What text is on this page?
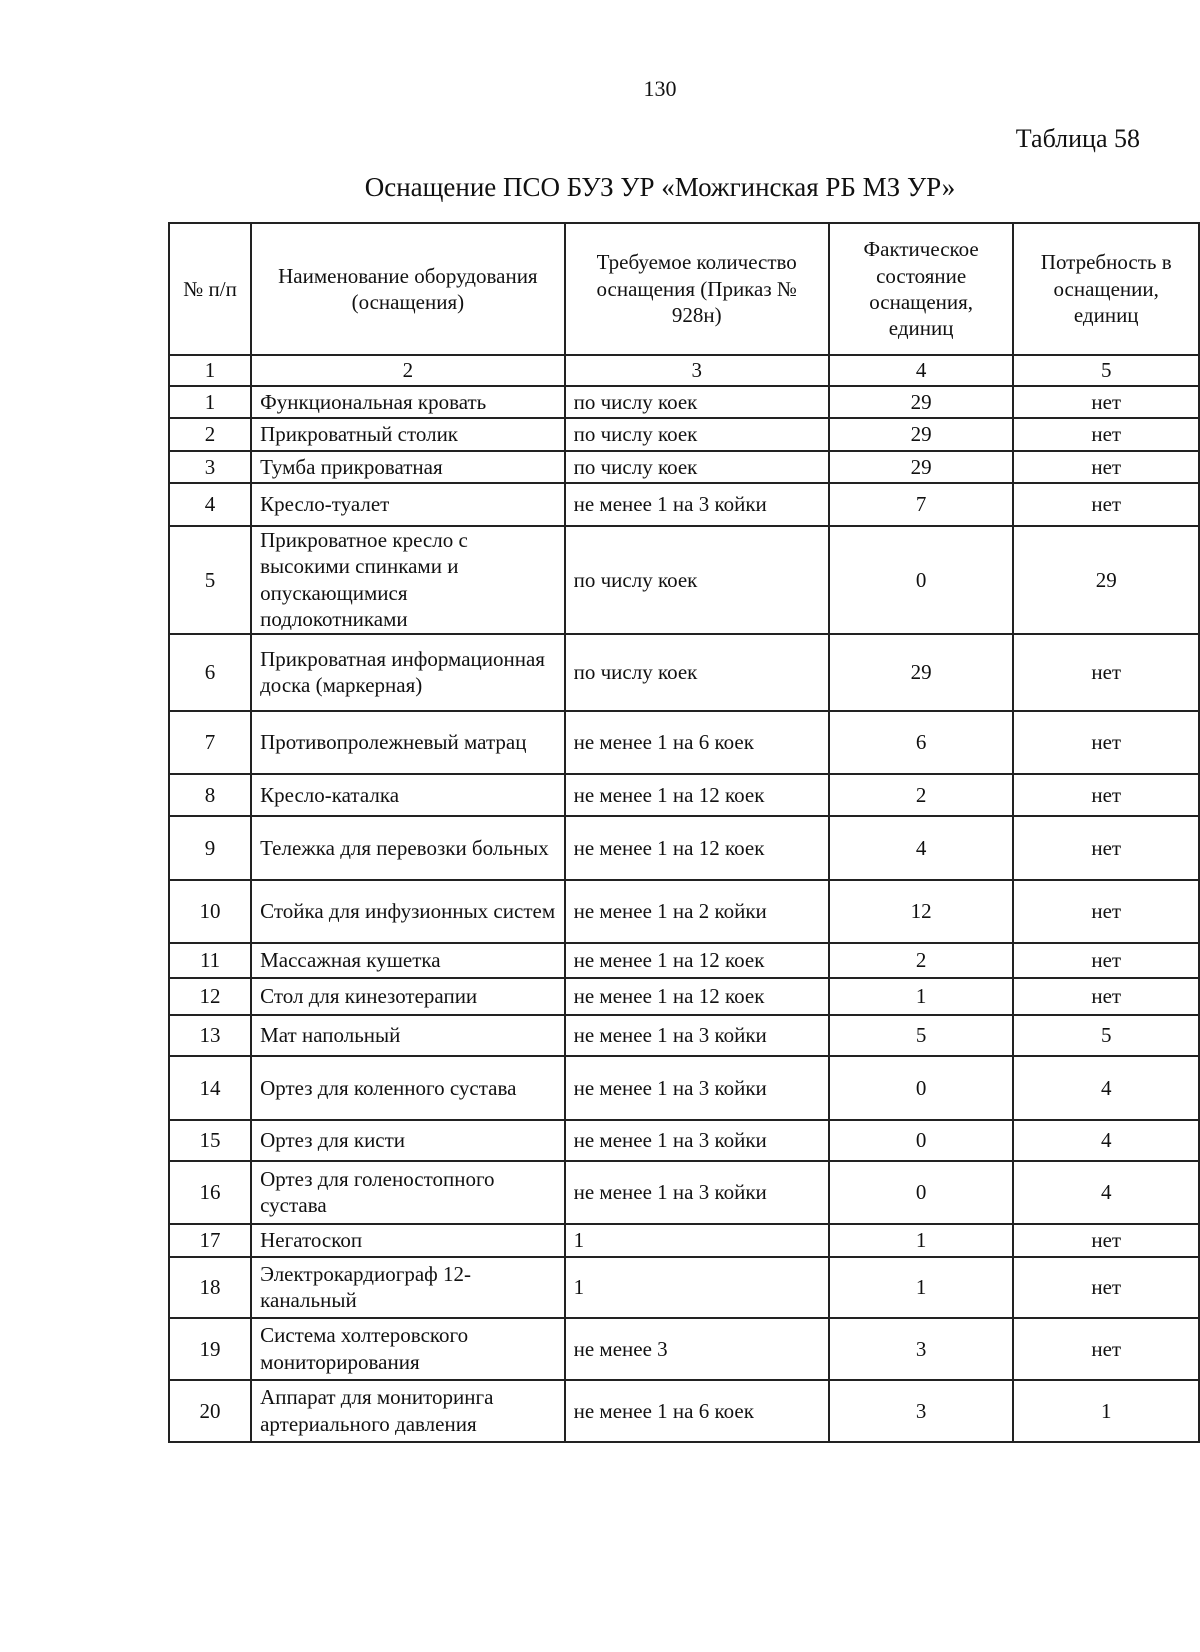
130
Таблица 58
Оснащение ПСО БУЗ УР «Можгинская РБ МЗ УР»
№ п/п	Наименование оборудования (оснащения)	Требуемое количество оснащения (Приказ № 928н)	Фактическое состояние оснащения, единиц	Потребность в оснащении, единиц
1	2	3	4	5
1	Функциональная кровать	по числу коек	29	нет
2	Прикроватный столик	по числу коек	29	нет
3	Тумба прикроватная	по числу коек	29	нет
4	Кресло-туалет	не менее 1 на 3 койки	7	нет
5	Прикроватное кресло с высокими спинками и опускающимися подлокотниками	по числу коек	0	29
6	Прикроватная информационная доска (маркерная)	по числу коек	29	нет
7	Противопролежневый матрац	не менее 1 на 6 коек	6	нет
8	Кресло-каталка	не менее 1 на 12 коек	2	нет
9	Тележка для перевозки больных	не менее 1 на 12 коек	4	нет
10	Стойка для инфузионных систем	не менее 1 на 2 койки	12	нет
11	Массажная кушетка	не менее 1 на 12 коек	2	нет
12	Стол для кинезотерапии	не менее 1 на 12 коек	1	нет
13	Мат напольный	не менее 1 на 3 койки	5	5
14	Ортез для коленного сустава	не менее 1 на 3 койки	0	4
15	Ортез для кисти	не менее 1 на 3 койки	0	4
16	Ортез для голеностопного сустава	не менее 1 на 3 койки	0	4
17	Негатоскоп	1	1	нет
18	Электрокардиограф 12-канальный	1	1	нет
19	Система холтеровского мониторирования	не менее 3	3	нет
20	Аппарат для мониторинга артериального давления	не менее 1 на 6 коек	3	1
